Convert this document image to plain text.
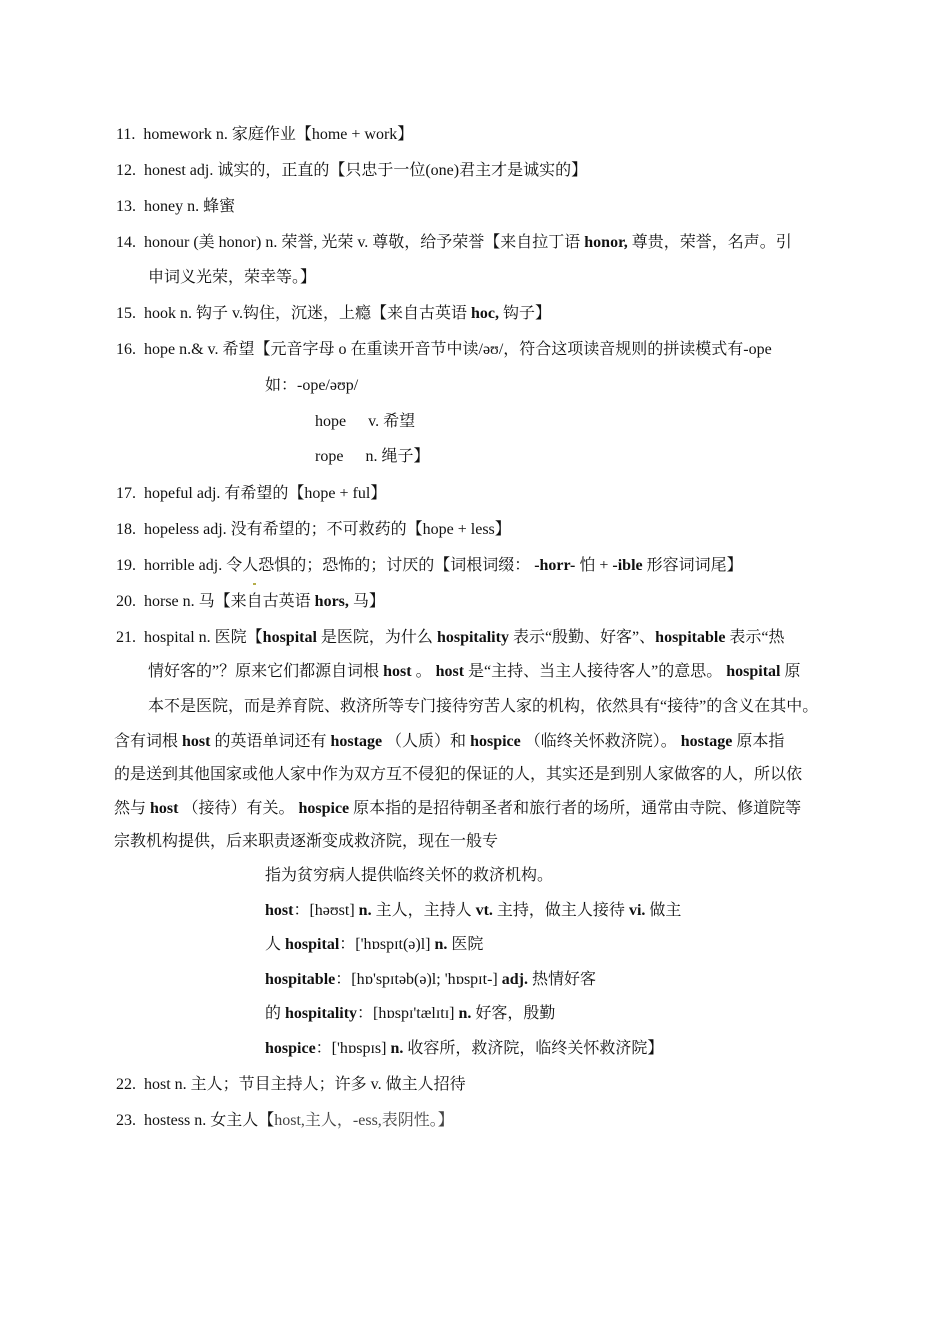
11. homework n. 家庭作业【home + work】
12. honest adj. 诚实的，正直的【只忠于一位(one)君主才是诚实的】
13. honey n. 蜂蜜
14. honour (美 honor) n. 荣誉, 光荣 v. 尊敬，给予荣誉【来自拉丁语 honor, 尊贵，荣誉，名声。引
申词义光荣，荣幸等。】
15. hook n. 钩子 v.钩住，沉迷，上瘾【来自古英语 hoc, 钩子】
16. hope n.& v. 希望【元音字母 o 在重读开音节中读/əʊ/，符合这项读音规则的拼读模式有-ope
如：-ope/əʊp/
hope v. 希望
rope n. 绳子】
17. hopeful adj. 有希望的【hope + ful】
18. hopeless adj. 没有希望的；不可救药的【hope + less】
19. horrible adj. 令人恐惧的；恐怖的；讨厌的【词根词缀： -horr- 怕 + -ible 形容词词尾】
20. horse n. 马【来自古英语 hors, 马】
21. hospital n. 医院【hospital 是医院，为什么 hospitality 表示“殷勤、好客”、hospitable 表示“热
情好客的”？原来它们都源自词根 host 。 host 是“主持、当主人接待客人”的意思。 hospital 原
本不是医院，而是养育院、救济所等专门接待穷苦人家的机构，依然具有“接待”的含义在其中。
含有词根 host 的英语单词还有 hostage （人质）和 hospice （临终关怀救济院）。 hostage 原本指
的是送到其他国家或他人家中作为双方互不侵犯的保证的人，其实还是到别人家做客的人，所以依
然与 host （接待）有关。 hospice 原本指的是招待朝圣者和旅行者的场所，通常由寺院、修道院等
宗教机构提供，后来职责逐渐变成救济院，现在一般专
指为贫穷病人提供临终关怀的救济机构。
host：[həʊst] n. 主人，主持人 vt. 主持，做主人接待 vi. 做主
人 hospital：['hɒspɪt(ə)l] n. 医院
hospitable：[hɒ'spɪtəb(ə)l; 'hɒspɪt-] adj. 热情好客
的 hospitality：[hɒspɪ'tælɪtɪ] n. 好客，殷勤
hospice：['hɒspɪs] n. 收容所，救济院，临终关怀救济院】
22. host n. 主人；节目主持人；许多 v. 做主人招待
23. hostess n. 女主人【host,主人，-ess,表阴性。】
